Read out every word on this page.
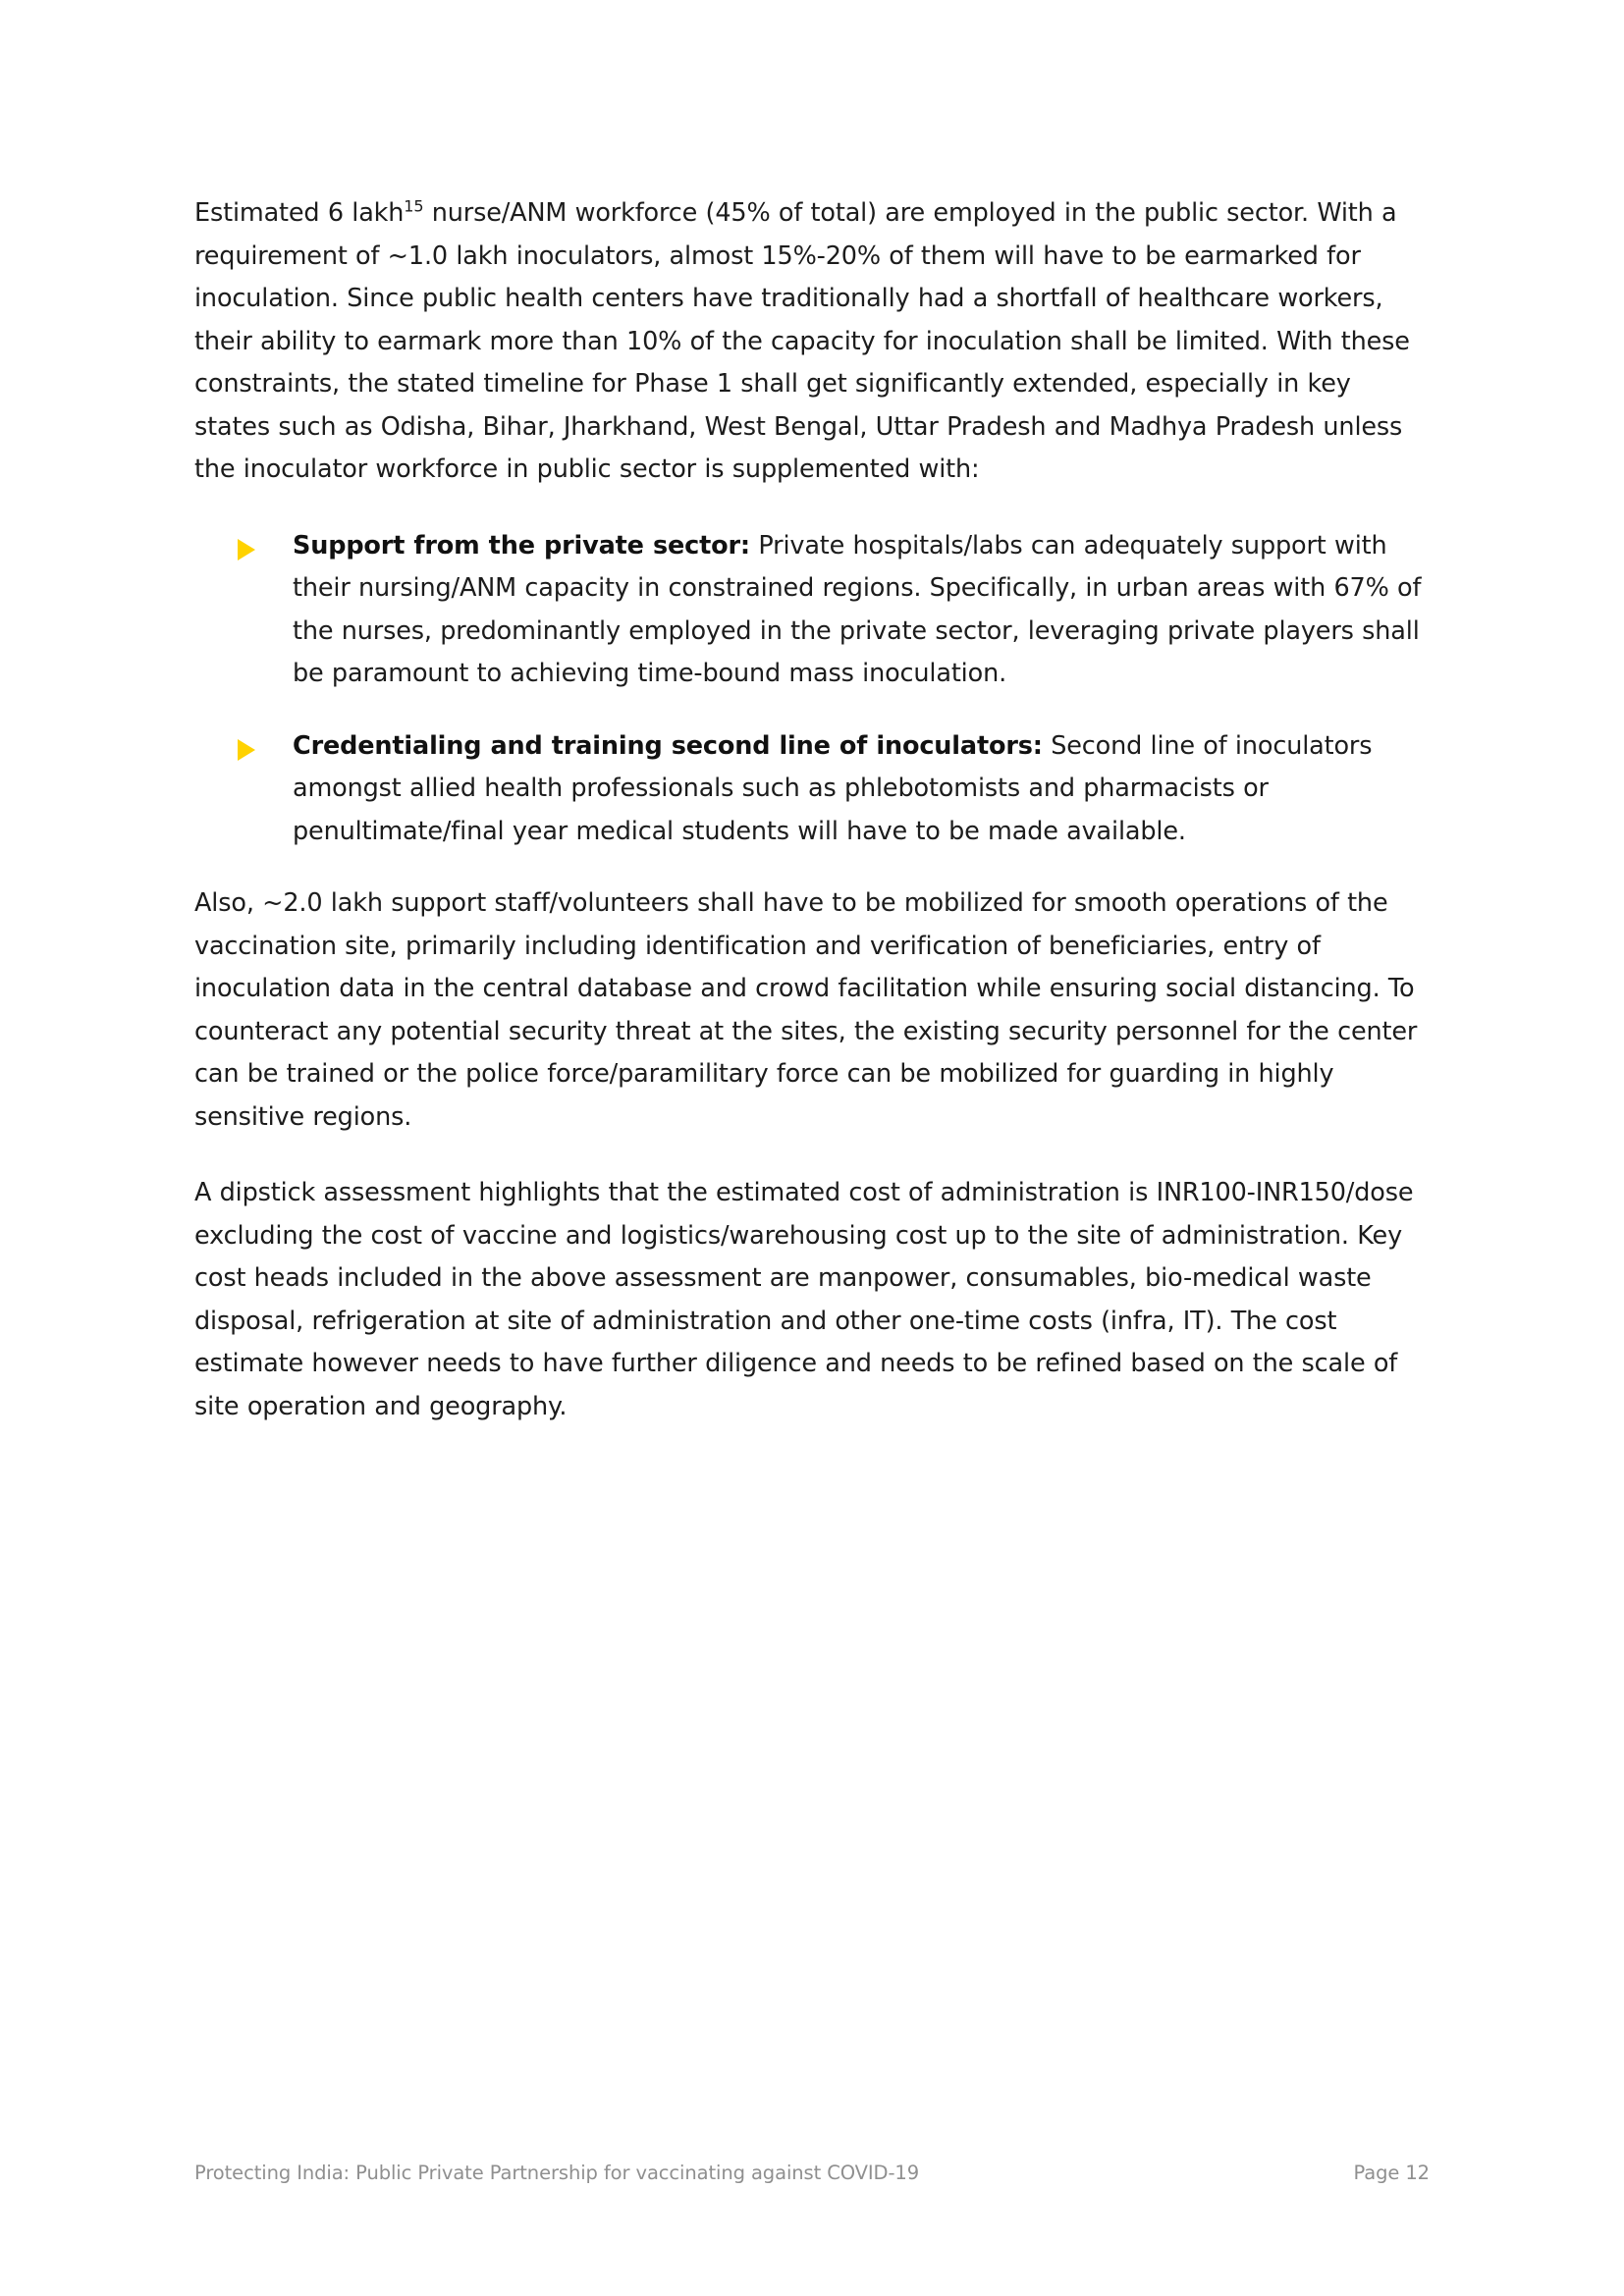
Estimated 6 lakh$^{15}$ nurse/ANM workforce (45% of total) are employed in the public sector. With a requirement of ~1.0 lakh inoculators, almost 15%-20% of them will have to be earmarked for inoculation. Since public health centers have traditionally had a shortfall of healthcare workers, their ability to earmark more than 10% of the capacity for inoculation shall be limited. With these constraints, the stated timeline for Phase 1 shall get significantly extended, especially in key states such as Odisha, Bihar, Jharkhand, West Bengal, Uttar Pradesh and Madhya Pradesh unless the inoculator workforce in public sector is supplemented with:

Support from the private sector: Private hospitals/labs can adequately support with their nursing/ANM capacity in constrained regions. Specifically, in urban areas with 67% of the nurses, predominantly employed in the private sector, leveraging private players shall be paramount to achieving time-bound mass inoculation.
Credentialing and training second line of inoculators: Second line of inoculators amongst allied health professionals such as phlebotomists and pharmacists or penultimate/final year medical students will have to be made available.

Also, ~2.0 lakh support staff/volunteers shall have to be mobilized for smooth operations of the vaccination site, primarily including identification and verification of beneficiaries, entry of inoculation data in the central database and crowd facilitation while ensuring social distancing. To counteract any potential security threat at the sites, the existing security personnel for the center can be trained or the police force/paramilitary force can be mobilized for guarding in highly sensitive regions.

A dipstick assessment highlights that the estimated cost of administration is INR100-INR150/dose excluding the cost of vaccine and logistics/warehousing cost up to the site of administration. Key cost heads included in the above assessment are manpower, consumables, bio-medical waste disposal, refrigeration at site of administration and other one-time costs (infra, IT). The cost estimate however needs to have further diligence and needs to be refined based on the scale of site operation and geography.

Protecting India: Public Private Partnership for vaccinating against COVID-19	Page 12
